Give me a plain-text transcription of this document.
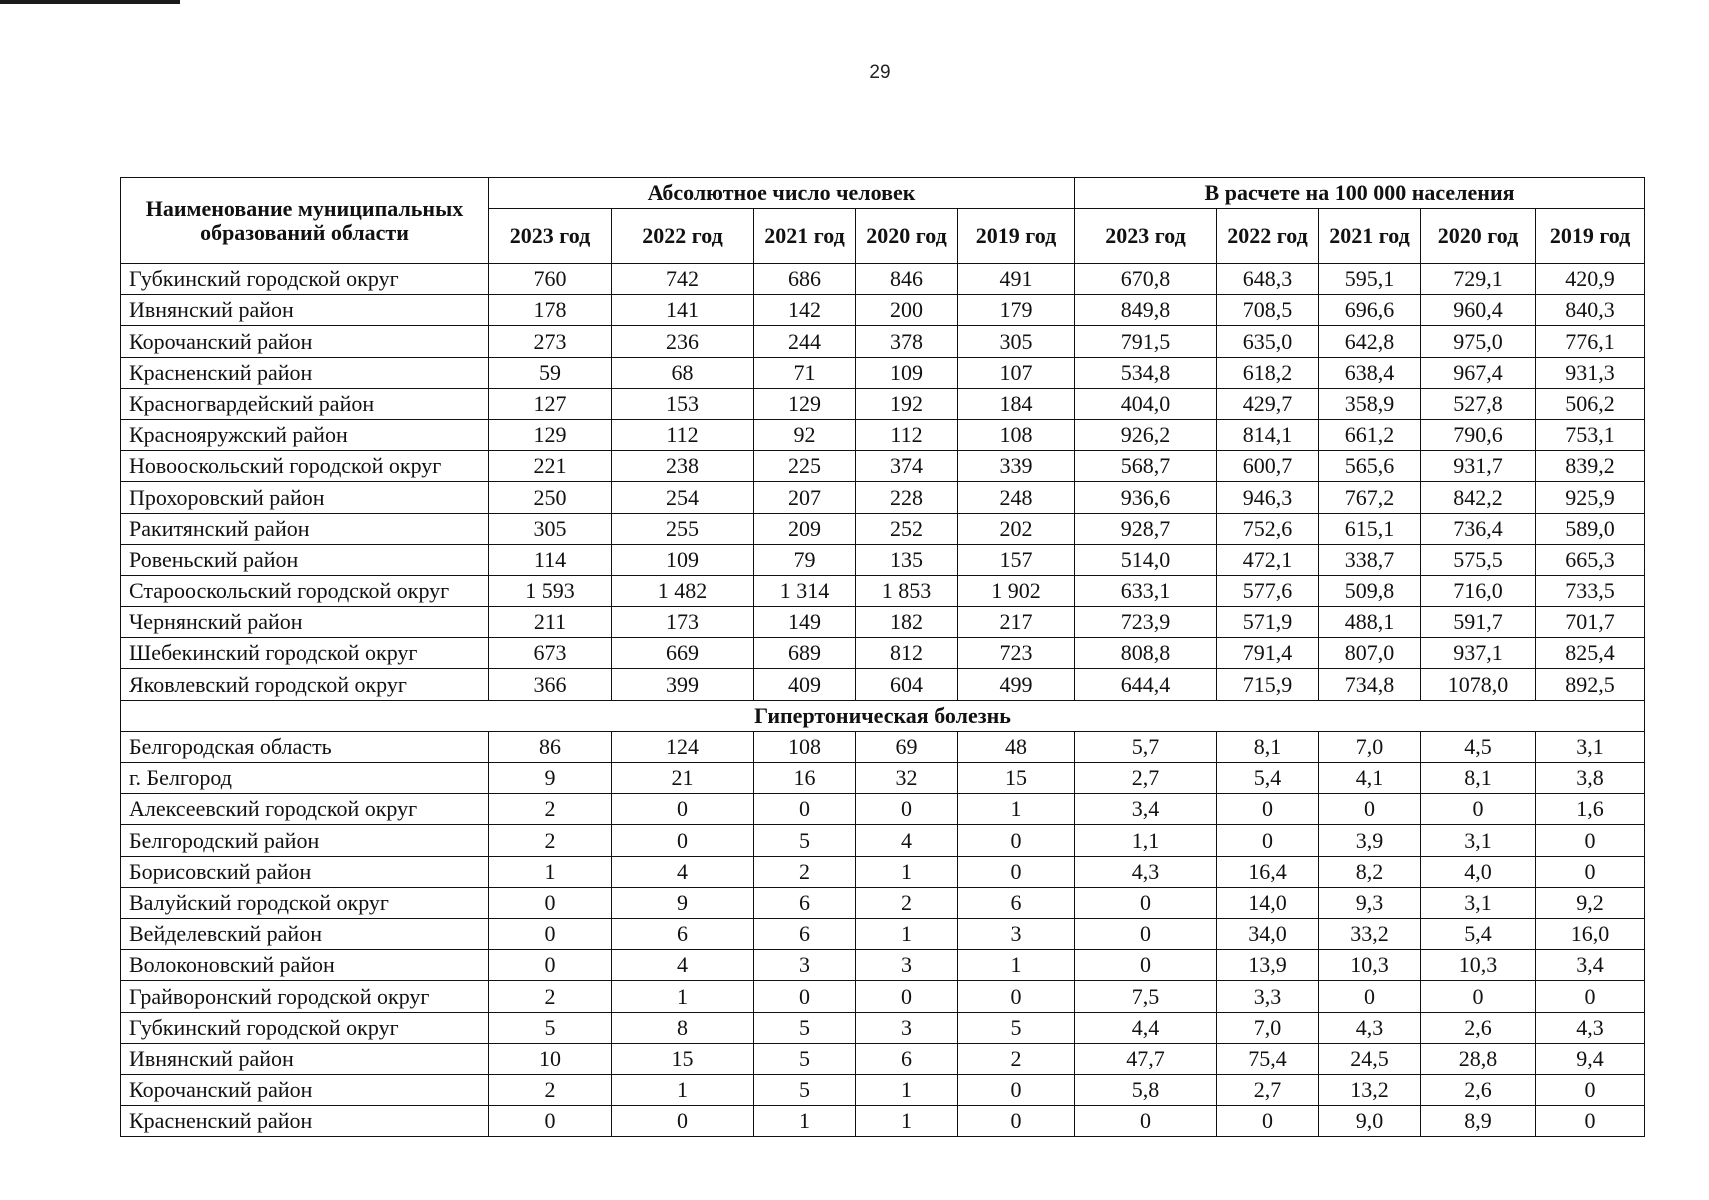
29
Наименование муниципальных образований области	Абсолютное число человек					В расчете на 100 000 населения				
	2023 год	2022 год	2021 год	2020 год	2019 год	2023 год	2022 год	2021 год	2020 год	2019 год
Губкинский городской округ	760	742	686	846	491	670,8	648,3	595,1	729,1	420,9
Ивнянский район	178	141	142	200	179	849,8	708,5	696,6	960,4	840,3
Корочанский район	273	236	244	378	305	791,5	635,0	642,8	975,0	776,1
Красненский район	59	68	71	109	107	534,8	618,2	638,4	967,4	931,3
Красногвардейский район	127	153	129	192	184	404,0	429,7	358,9	527,8	506,2
Краснояружский район	129	112	92	112	108	926,2	814,1	661,2	790,6	753,1
Новооскольский городской округ	221	238	225	374	339	568,7	600,7	565,6	931,7	839,2
Прохоровский район	250	254	207	228	248	936,6	946,3	767,2	842,2	925,9
Ракитянский район	305	255	209	252	202	928,7	752,6	615,1	736,4	589,0
Ровеньский район	114	109	79	135	157	514,0	472,1	338,7	575,5	665,3
Старооскольский городской округ	1 593	1 482	1 314	1 853	1 902	633,1	577,6	509,8	716,0	733,5
Чернянский район	211	173	149	182	217	723,9	571,9	488,1	591,7	701,7
Шебекинский городской округ	673	669	689	812	723	808,8	791,4	807,0	937,1	825,4
Яковлевский городской округ	366	399	409	604	499	644,4	715,9	734,8	1078,0	892,5
Гипертоническая болезнь										
Белгородская область	86	124	108	69	48	5,7	8,1	7,0	4,5	3,1
г. Белгород	9	21	16	32	15	2,7	5,4	4,1	8,1	3,8
Алексеевский городской округ	2	0	0	0	1	3,4	0	0	0	1,6
Белгородский район	2	0	5	4	0	1,1	0	3,9	3,1	0
Борисовский район	1	4	2	1	0	4,3	16,4	8,2	4,0	0
Валуйский городской округ	0	9	6	2	6	0	14,0	9,3	3,1	9,2
Вейделевский район	0	6	6	1	3	0	34,0	33,2	5,4	16,0
Волоконовский район	0	4	3	3	1	0	13,9	10,3	10,3	3,4
Грайворонский городской округ	2	1	0	0	0	7,5	3,3	0	0	0
Губкинский городской округ	5	8	5	3	5	4,4	7,0	4,3	2,6	4,3
Ивнянский район	10	15	5	6	2	47,7	75,4	24,5	28,8	9,4
Корочанский район	2	1	5	1	0	5,8	2,7	13,2	2,6	0
Красненский район	0	0	1	1	0	0	0	9,0	8,9	0
